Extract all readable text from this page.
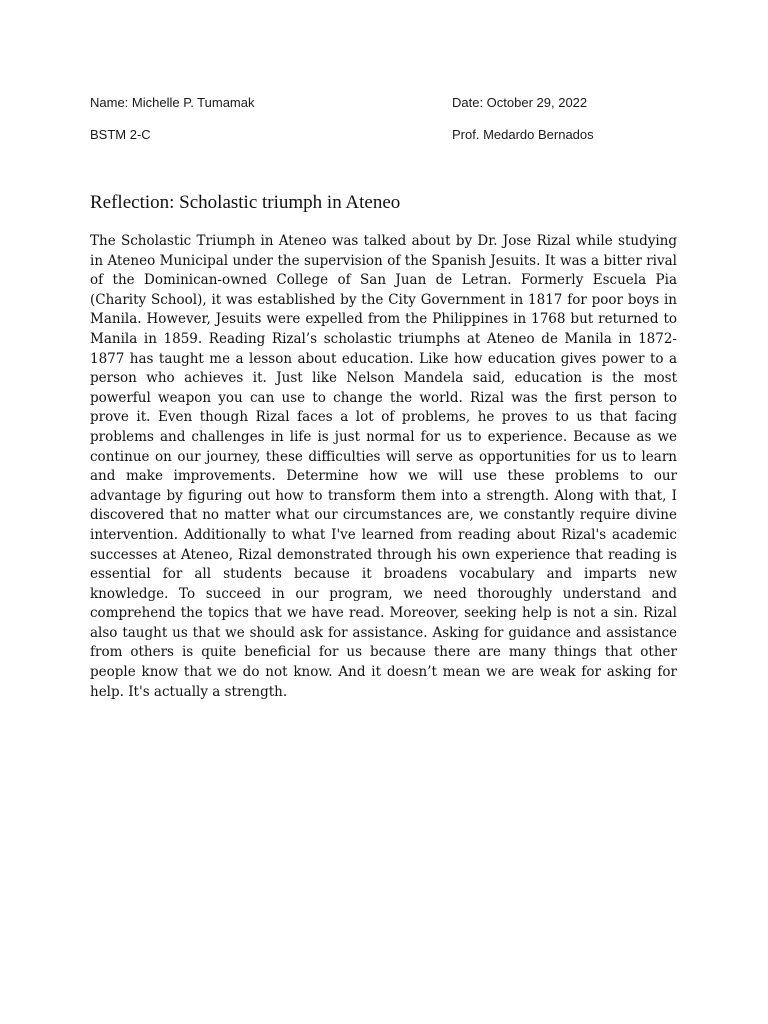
Name: Michelle P. Tumamak
BSTM 2-C
Date: October 29, 2022
Prof. Medardo Bernados
Reflection: Scholastic triumph in Ateneo

The Scholastic Triumph in Ateneo was talked about by Dr. Jose Rizal while studying in Ateneo Municipal under the supervision of the Spanish Jesuits. It was a bitter rival of the Dominican-owned College of San Juan de Letran. Formerly Escuela Pia (Charity School), it was established by the City Government in 1817 for poor boys in Manila. However, Jesuits were expelled from the Philippines in 1768 but returned to Manila in 1859. Reading Rizal’s scholastic triumphs at Ateneo de Manila in 1872-1877 has taught me a lesson about education. Like how education gives power to a person who achieves it. Just like Nelson Mandela said, education is the most powerful weapon you can use to change the world. Rizal was the first person to prove it. Even though Rizal faces a lot of problems, he proves to us that facing problems and challenges in life is just normal for us to experience. Because as we continue on our journey, these difficulties will serve as opportunities for us to learn and make improvements. Determine how we will use these problems to our advantage by figuring out how to transform them into a strength. Along with that, I discovered that no matter what our circumstances are, we constantly require divine intervention. Additionally to what I've learned from reading about Rizal's academic successes at Ateneo, Rizal demonstrated through his own experience that reading is essential for all students because it broadens vocabulary and imparts new knowledge. To succeed in our program, we need thoroughly understand and comprehend the topics that we have read. Moreover, seeking help is not a sin. Rizal also taught us that we should ask for assistance. Asking for guidance and assistance from others is quite beneficial for us because there are many things that other people know that we do not know. And it doesn’t mean we are weak for asking for help. It's actually a strength.
